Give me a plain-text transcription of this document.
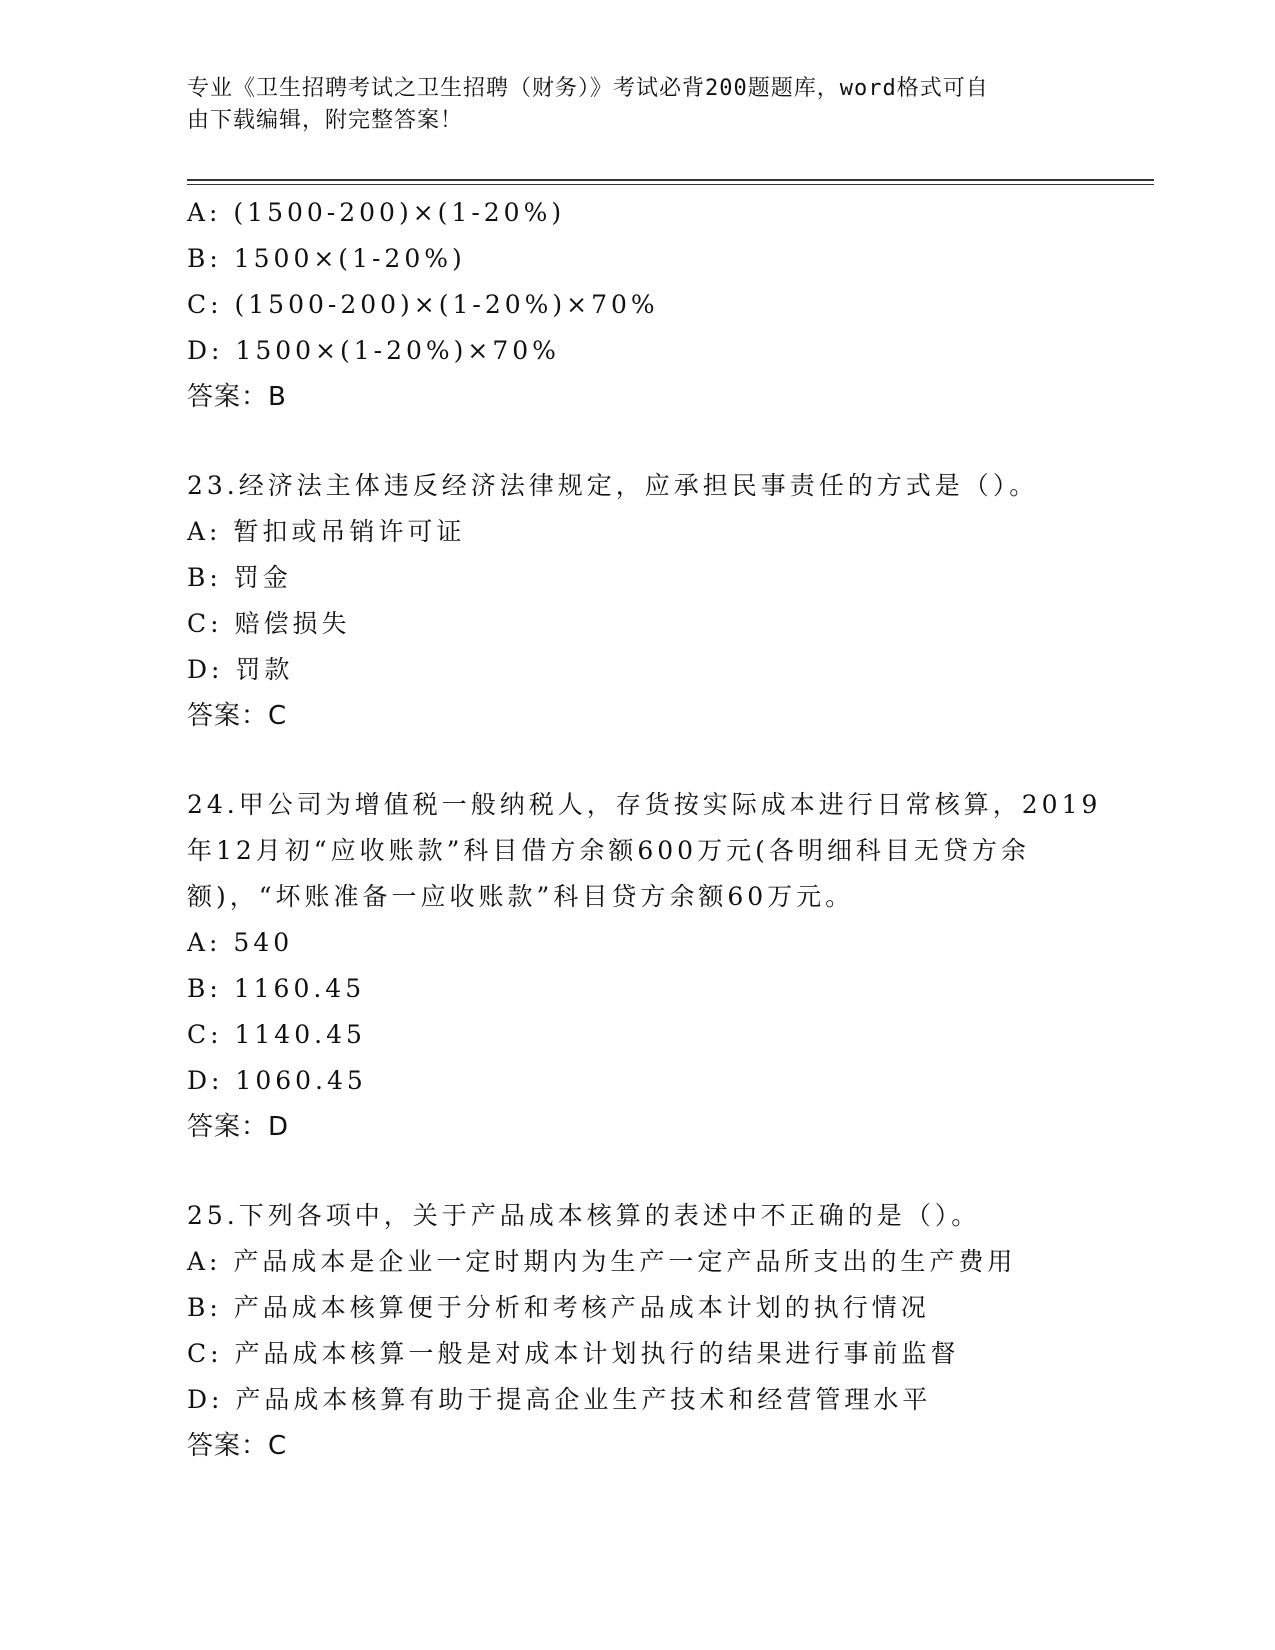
专业《卫生招聘考试之卫生招聘（财务）》考试必背200题题库，word格式可自
由下载编辑，附完整答案！
A: (1500-200)×(1-20%)
B: 1500×(1-20%)
C: (1500-200)×(1-20%)×70%
D: 1500×(1-20%)×70%
答案：B
23.经济法主体违反经济法律规定，应承担民事责任的方式是（）。
A: 暂扣或吊销许可证
B: 罚金
C: 赔偿损失
D: 罚款
答案：C
24.甲公司为增值税一般纳税人，存货按实际成本进行日常核算，2019
年12月初“应收账款”科目借方余额600万元(各明细科目无贷方余
额)，“坏账准备一应收账款”科目贷方余额60万元。
A: 540
B: 1160.45
C: 1140.45
D: 1060.45
答案：D
25.下列各项中，关于产品成本核算的表述中不正确的是（）。
A: 产品成本是企业一定时期内为生产一定产品所支出的生产费用
B: 产品成本核算便于分析和考核产品成本计划的执行情况
C: 产品成本核算一般是对成本计划执行的结果进行事前监督
D: 产品成本核算有助于提高企业生产技术和经营管理水平
答案：C
